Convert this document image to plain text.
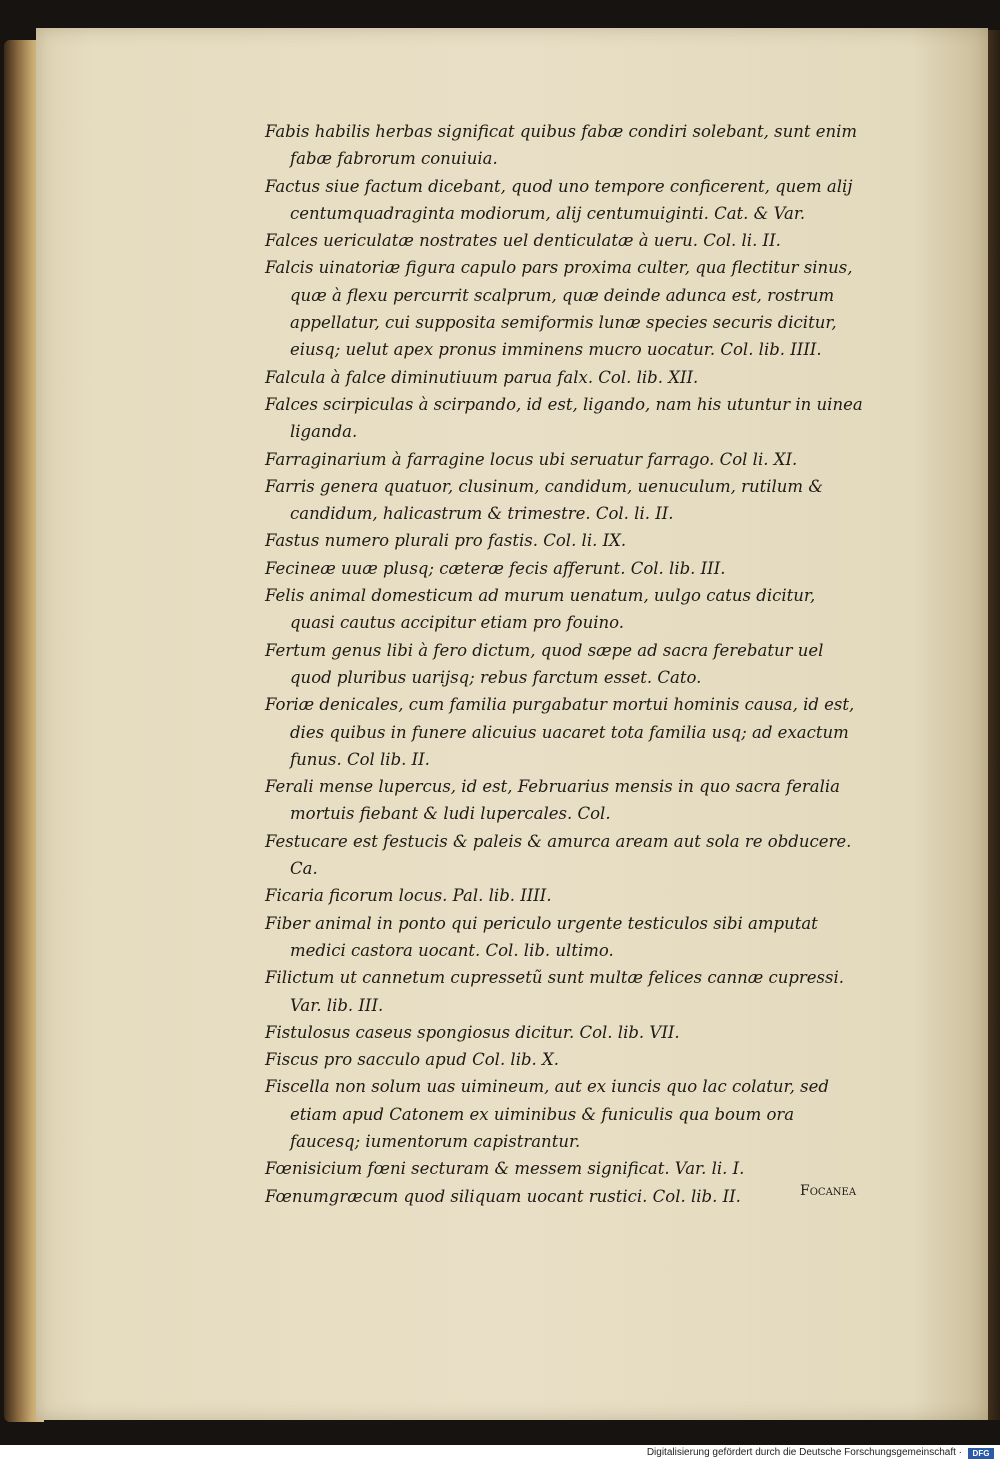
Fabis habilis herbas significat quibus fabæ condiri solebant, sunt enim fabæ fabrorum conuiuia.

Factus siue factum dicebant, quod uno tempore conficerent, quem alij centumquadraginta modiorum, alij centumuiginti. Cat. & Var.

Falces uericulatæ nostrates uel denticulatæ à ueru. Col. li. II.

Falcis uinatoriæ figura capulo pars proxima culter, qua flectitur sinus, quæ à flexu percurrit scalprum, quæ deinde adunca est, rostrum appellatur, cui supposita semiformis lunæ species securis dicitur, eiusq; uelut apex pronus imminens mucro uocatur. Col. lib. IIII.

Falcula à falce diminutiuum parua falx. Col. lib. XII.

Falces scirpiculas à scirpando, id est, ligando, nam his utuntur in uinea liganda.

Farraginarium à farragine locus ubi seruatur farrago. Col li. XI.

Farris genera quatuor, clusinum, candidum, uenuculum, rutilum & candidum, halicastrum & trimestre. Col. li. II.

Fastus numero plurali pro fastis. Col. li. IX.

Fecineæ uuæ plusq; cæteræ fecis afferunt. Col. lib. III.

Felis animal domesticum ad murum uenatum, uulgo catus dicitur, quasi cautus accipitur etiam pro fouino.

Fertum genus libi à fero dictum, quod sæpe ad sacra ferebatur uel quod pluribus uarijsq; rebus farctum esset. Cato.

Foriæ denicales, cum familia purgabatur mortui hominis causa, id est, dies quibus in funere alicuius uacaret tota familia usq; ad exactum funus. Col lib. II.

Ferali mense lupercus, id est, Februarius mensis in quo sacra feralia mortuis fiebant & ludi lupercales. Col.

Festucare est festucis & paleis & amurca aream aut sola re obducere. Ca.

Ficaria ficorum locus. Pal. lib. IIII.

Fiber animal in ponto qui periculo urgente testiculos sibi amputat medici castora uocant. Col. lib. ultimo.

Filictum ut cannetum cupressetũ sunt multæ felices cannæ cupressi. Var. lib. III.

Fistulosus caseus spongiosus dicitur. Col. lib. VII.

Fiscus pro sacculo apud Col. lib. X.

Fiscella non solum uas uimineum, aut ex iuncis quo lac colatur, sed etiam apud Catonem ex uiminibus & funiculis qua boum ora faucesq; iumentorum capistrantur.

Fœnisicium fœni secturam & messem significat. Var. li. I.

Fœnumgræcum quod siliquam uocant rustici. Col. lib. II.	Focanea
Digitalisierung gefördert durch die Deutsche Forschungsgemeinschaft ·	DFG
